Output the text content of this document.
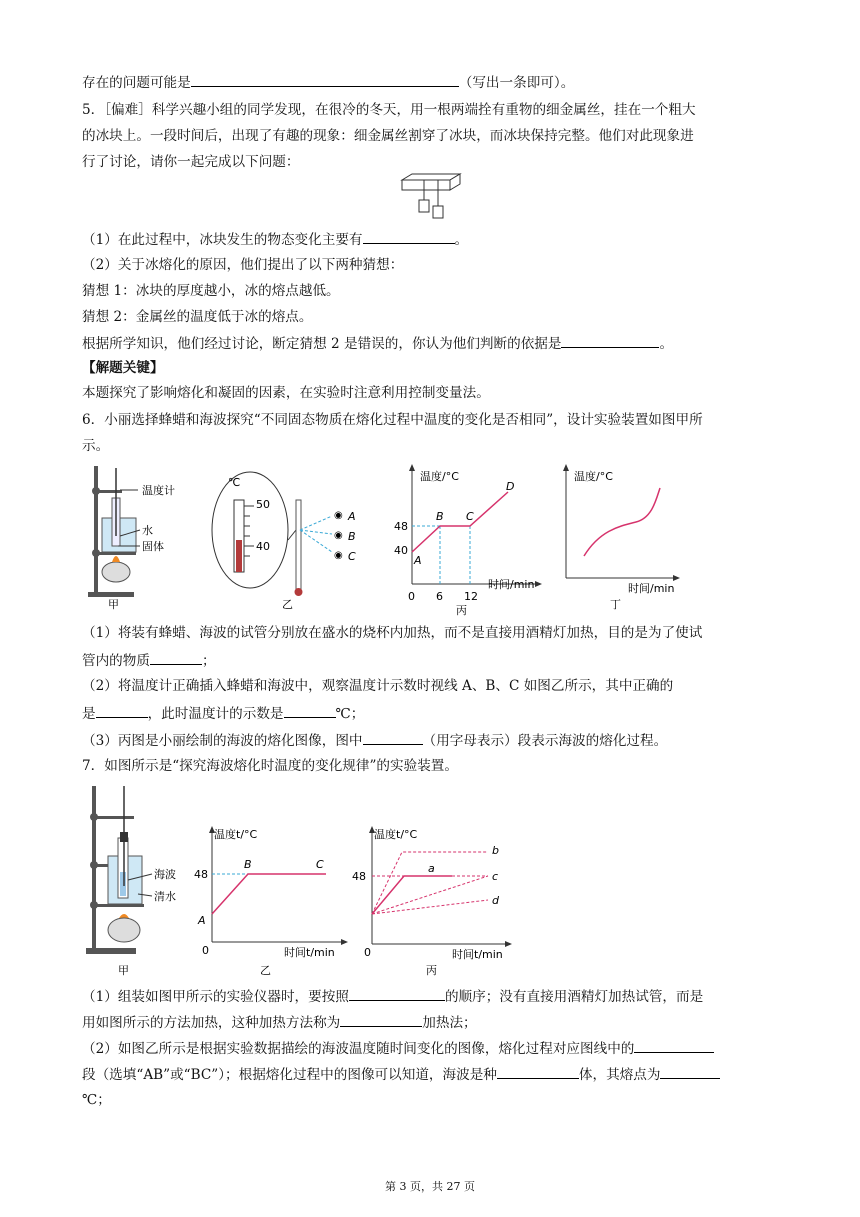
存在的问题可能是	（写出一条即可）。
5．［偏难］科学兴趣小组的同学发现，在很冷的冬天，用一根两端拴有重物的细金属丝，挂在一个粗大
的冰块上。一段时间后，出现了有趣的现象：细金属丝割穿了冰块，而冰块保持完整。他们对此现象进
行了讨论，请你一起完成以下问题：
（1）在此过程中，冰块发生的物态变化主要有	。
（2）关于冰熔化的原因，他们提出了以下两种猜想：
猜想 1：冰块的厚度越小，冰的熔点越低。
猜想 2：金属丝的温度低于冰的熔点。
根据所学知识，他们经过讨论，断定猜想 2 是错误的，你认为他们判断的依据是	。
【解题关键】
本题探究了影响熔化和凝固的因素，在实验时注意利用控制变量法。
6．小丽选择蜂蜡和海波探究“不同固态物质在熔化过程中温度的变化是否相同”，设计实验装置如图甲所
示。
温度计
水
固体
甲
℃
50
40
◉
◉
◉
A
B
C
乙
温度/°C
时间/min
48
40
0 6 12
A
B C
D
丙
温度/°C
时间/min
丁
（1）将装有蜂蜡、海波的试管分别放在盛水的烧杯内加热，而不是直接用酒精灯加热，目的是为了使试
管内的物质	；
（2）将温度计正确插入蜂蜡和海波中，观察温度计示数时视线 A、B、C 如图乙所示，其中正确的
是	，此时温度计的示数是	℃；
（3）丙图是小丽绘制的海波的熔化图像，图中	（用字母表示）段表示海波的熔化过程。
7．如图所示是“探究海波熔化时温度的变化规律”的实验装置。
海波
清水
甲
温度t/°C
时间t/min
48
0
A
B	C
乙
温度t/°C
时间t/min
48
0
a
b
c
d
丙
（1）组装如图甲所示的实验仪器时，要按照	的顺序；没有直接用酒精灯加热试管，而是
用如图所示的方法加热，这种加热方法称为	加热法；
（2）如图乙所示是根据实验数据描绘的海波温度随时间变化的图像，熔化过程对应图线中的
段（选填“AB”或“BC”）；根据熔化过程中的图像可以知道，海波是种	体，其熔点为
℃；
第 3 页，共 27 页
